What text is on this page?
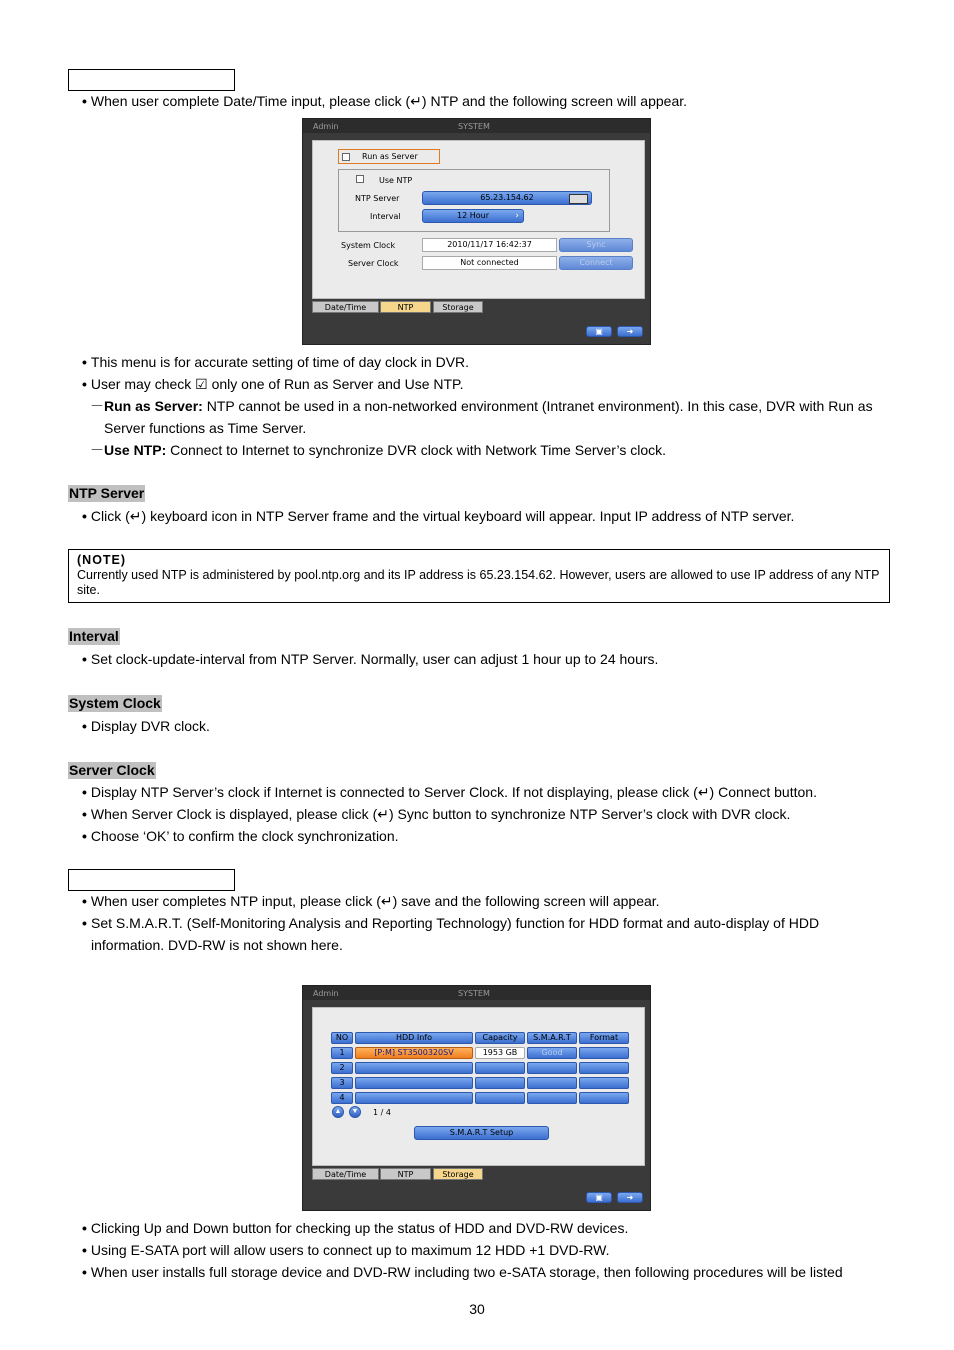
• When user complete Date/Time input, please click (↵) NTP and the following screen will appear.
Admin	SYSTEM
Run as Server
Use NTP
NTP Server	65.23.154.62
Interval	12 Hour	›
System Clock	2010/11/17 16:42:37	Sync
Server Clock	Not connected	Connect
Date/Time	NTP	Storage
▣	➜
• This menu is for accurate setting of time of day clock in DVR.
• User may check ☑ only one of Run as Server and Use NTP.
－ Run as Server: NTP cannot be used in a non-networked environment (Intranet environment). In this case, DVR with Run as Server functions as Time Server.
－ Use NTP: Connect to Internet to synchronize DVR clock with Network Time Server’s clock.
NTP Server
• Click (↵) keyboard icon in NTP Server frame and the virtual keyboard will appear. Input IP address of NTP server.
(NOTE)
Currently used NTP is administered by pool.ntp.org and its IP address is 65.23.154.62. However, users are allowed to use IP address of any NTP site.
Interval
• Set clock-update-interval from NTP Server. Normally, user can adjust 1 hour up to 24 hours.
System Clock
• Display DVR clock.
Server Clock
• Display NTP Server’s clock if Internet is connected to Server Clock. If not displaying, please click (↵) Connect button.
• When Server Clock is displayed, please click (↵) Sync button to synchronize NTP Server’s clock with DVR clock.
• Choose ‘OK’ to confirm the clock synchronization.
• When user completes NTP input, please click (↵) save and the following screen will appear.
• Set S.M.A.R.T. (Self-Monitoring Analysis and Reporting Technology) function for HDD format and auto-display of HDD information. DVD-RW is not shown here.
Admin	SYSTEM
NO	HDD Info	Capacity	S.M.A.R.T	Format
1	[P:M] ST3500320SV	1953 GB	Good
2
3
4
▲	▼	1 / 4
S.M.A.R.T Setup
Date/Time	NTP	Storage
▣	➜
• Clicking Up and Down button for checking up the status of HDD and DVD-RW devices.
• Using E-SATA port will allow users to connect up to maximum 12 HDD +1 DVD-RW.
• When user installs full storage device and DVD-RW including two e-SATA storage, then following procedures will be listed
30
